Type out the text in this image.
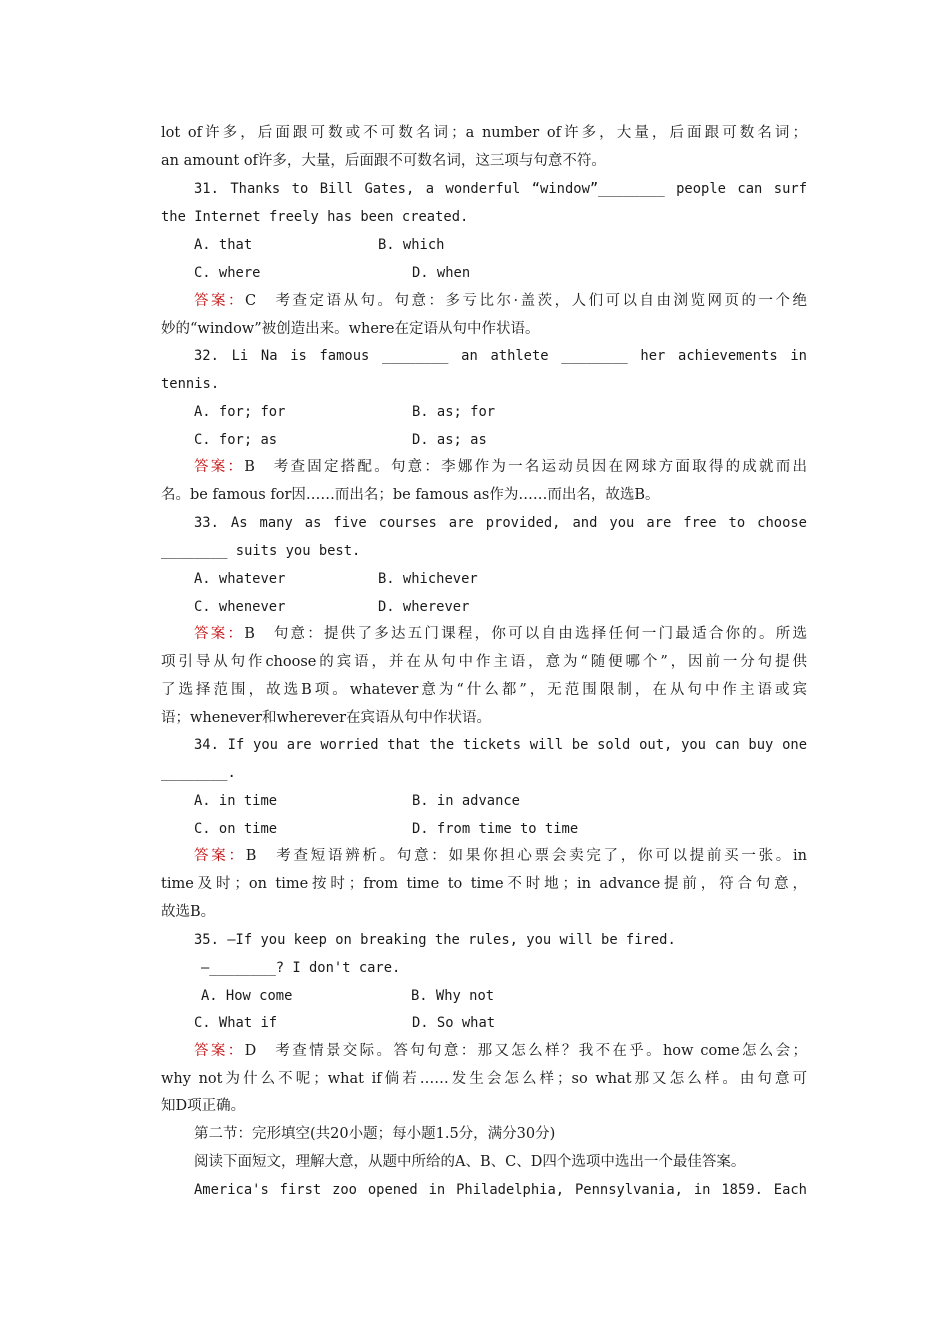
lot of许多，后面跟可数或不可数名词；a number of许多，大量，后面跟可数名词；
an amount of许多，大量，后面跟不可数名词，这三项与句意不符。
31. Thanks to Bill Gates, a wonderful “window”________ people can surf
the Internet freely has been created.
A. that	B. which
C. where	D. when
答案：C　考查定语从句。句意：多亏比尔·盖茨，人们可以自由浏览网页的一个绝
妙的“window”被创造出来。where在定语从句中作状语。
32. Li Na is famous ________ an athlete ________ her achievements in
tennis.
A. for; for	B. as; for
C. for; as	D. as; as
答案：B　考查固定搭配。句意：李娜作为一名运动员因在网球方面取得的成就而出
名。be famous for因……而出名；be famous as作为……而出名，故选B。
33. As many as five courses are provided, and you are free to choose
________ suits you best.
A. whatever	B. whichever
C. whenever	D. wherever
答案：B　句意：提供了多达五门课程，你可以自由选择任何一门最适合你的。所选
项引导从句作choose的宾语，并在从句中作主语，意为“随便哪个”，因前一分句提供
了选择范围，故选B项。whatever意为“什么都”，无范围限制，在从句中作主语或宾
语；whenever和wherever在宾语从句中作状语。
34. If you are worried that the tickets will be sold out, you can buy one
________.
A. in time	B. in advance
C. on time	D. from time to time
答案：B　考查短语辨析。句意：如果你担心票会卖完了，你可以提前买一张。in
time及时；on time按时；from time to time不时地；in advance提前，符合句意，
故选B。
35. —If you keep on breaking the rules, you will be fired.
—________? I don't care.
A. How come	B. Why not
C. What if	D. So what
答案：D　考查情景交际。答句句意：那又怎么样？我不在乎。how come怎么会；
why not为什么不呢；what if倘若……发生会怎么样；so what那又怎么样。由句意可
知D项正确。
第二节：完形填空(共20小题；每小题1.5分，满分30分)
阅读下面短文，理解大意，从题中所给的A、B、C、D四个选项中选出一个最佳答案。
America's first zoo opened in Philadelphia, Pennsylvania, in 1859. Each
